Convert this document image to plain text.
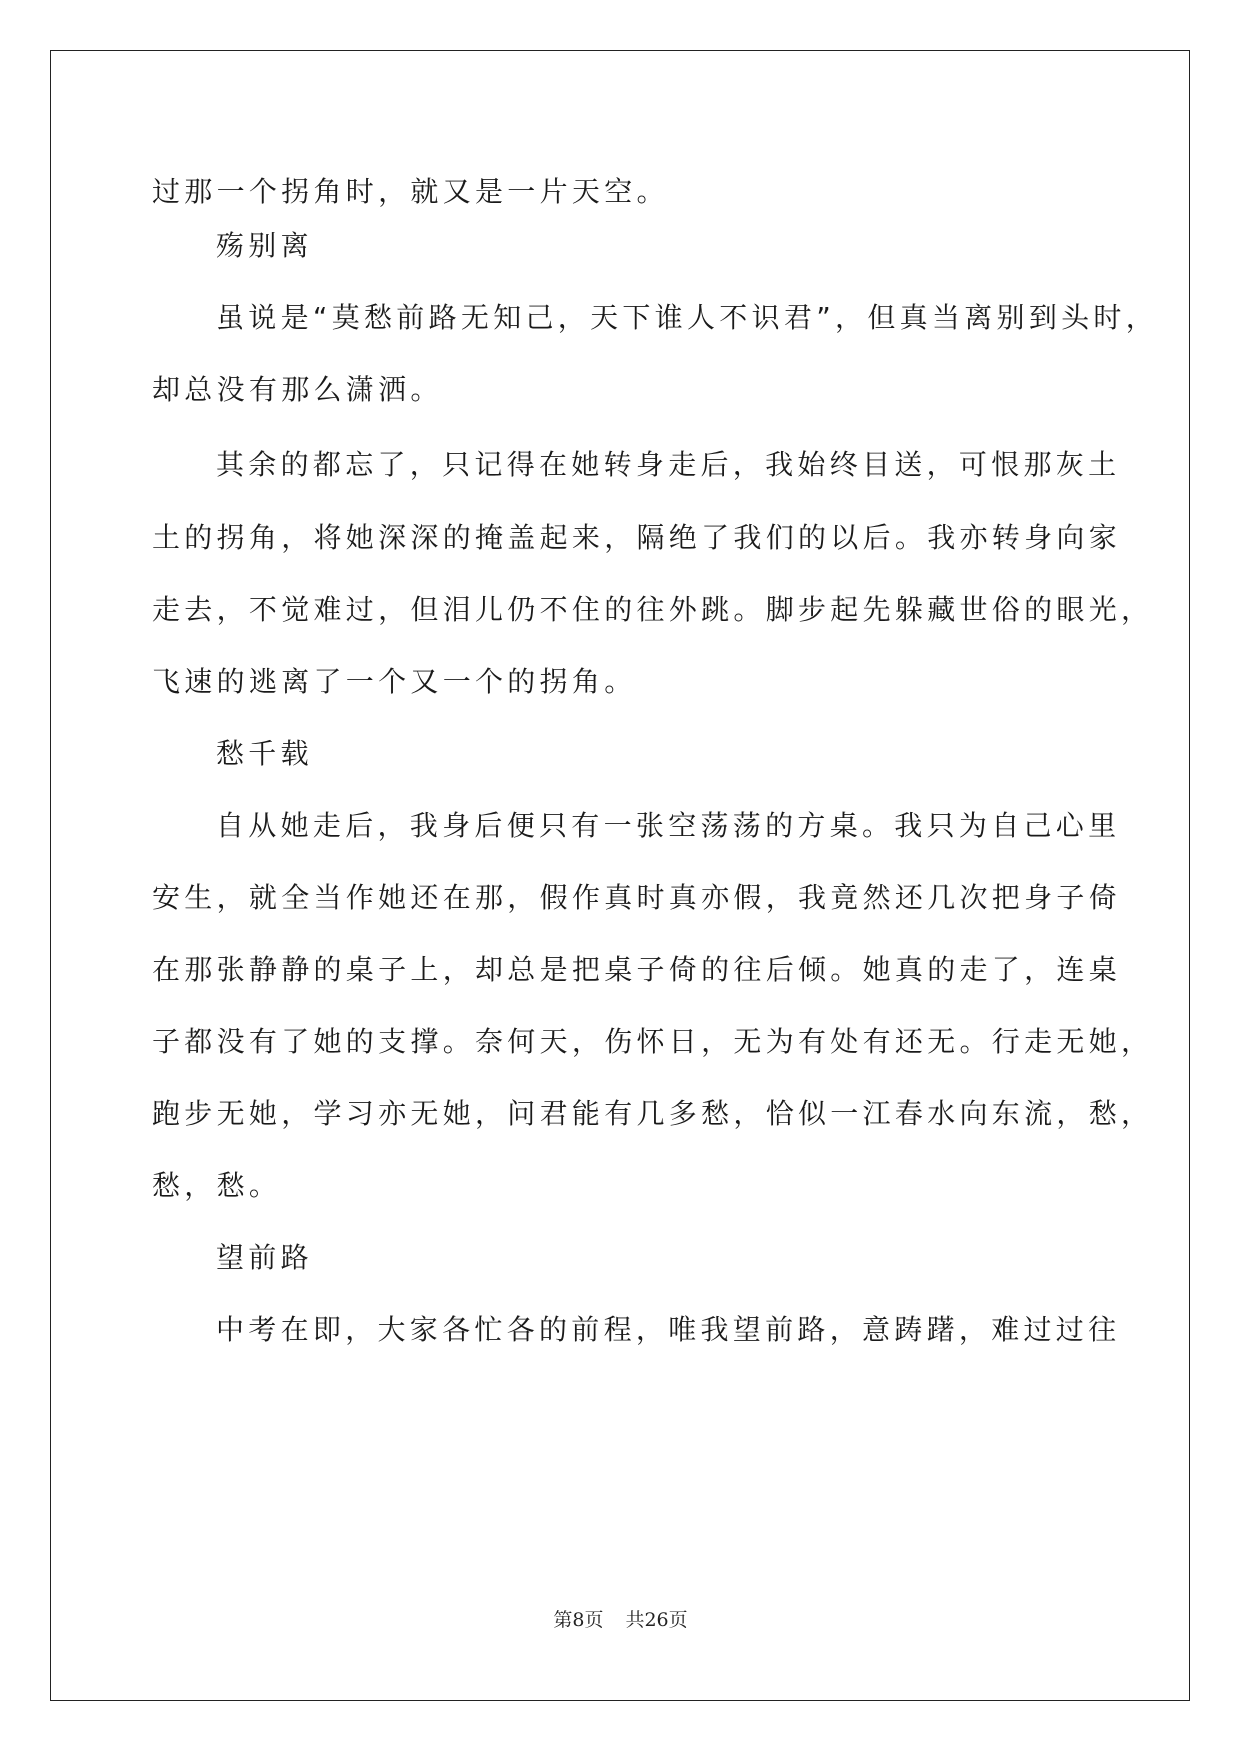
过那一个拐角时，就又是一片天空。
殇别离
虽说是“莫愁前路无知己，天下谁人不识君”，但真当离别到头时，
却总没有那么潇洒。
其余的都忘了，只记得在她转身走后，我始终目送，可恨那灰土
土的拐角，将她深深的掩盖起来，隔绝了我们的以后。我亦转身向家
走去，不觉难过，但泪儿仍不住的往外跳。脚步起先躲藏世俗的眼光，
飞速的逃离了一个又一个的拐角。
愁千载
自从她走后，我身后便只有一张空荡荡的方桌。我只为自己心里
安生，就全当作她还在那，假作真时真亦假，我竟然还几次把身子倚
在那张静静的桌子上，却总是把桌子倚的往后倾。她真的走了，连桌
子都没有了她的支撑。奈何天，伤怀日，无为有处有还无。行走无她，
跑步无她，学习亦无她，问君能有几多愁，恰似一江春水向东流，愁，
愁，愁。
望前路
中考在即，大家各忙各的前程，唯我望前路，意踌躇，难过过往
第8页 共26页
